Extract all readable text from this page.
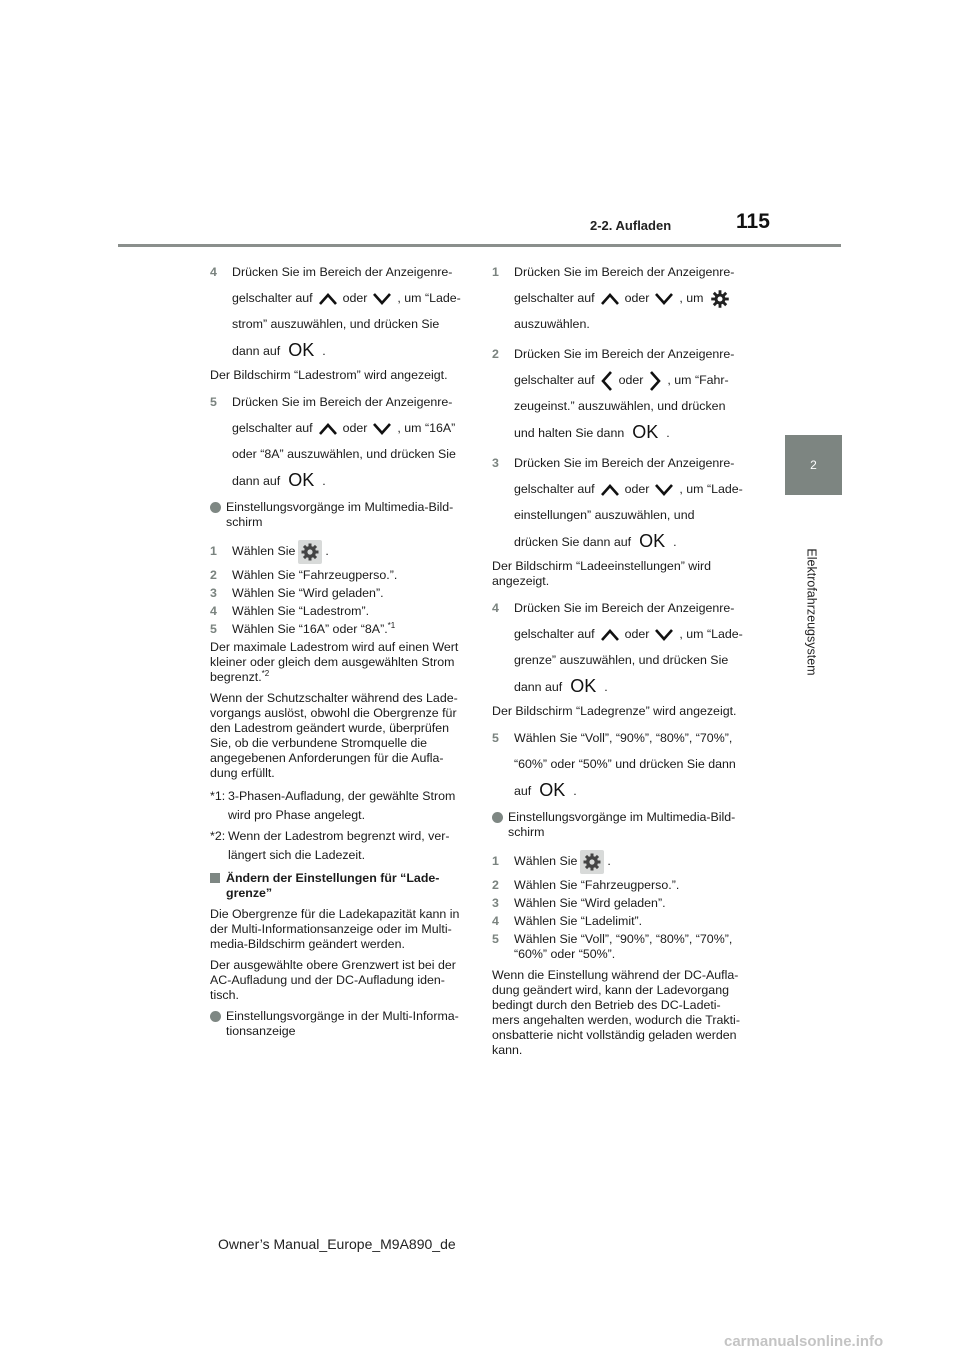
2-2. Aufladen	115
2
Elektrofahrzeugsystem
4 Drücken Sie im Bereich der Anzeigenre-
gelschalter auf oder , um “Lade-
strom” auszuwählen, und drücken Sie
dann auf OK .

Der Bildschirm “Ladestrom” wird angezeigt.

5 Drücken Sie im Bereich der Anzeigenre-
gelschalter auf oder , um “16A”
oder “8A” auszuwählen, und drücken Sie
dann auf OK .
Einstellungsvorgänge im Multimedia-Bild-schirm
1 Wählen Sie .
2 Wählen Sie “Fahrzeugperso.”.
3 Wählen Sie “Wird geladen”.
4 Wählen Sie “Ladestrom”.
5 Wählen Sie “16A” oder “8A”.$^{*1}$

Der maximale Ladestrom wird auf einen Wert kleiner oder gleich dem ausgewählten Strom begrenzt.$^{*2}$

Wenn der Schutzschalter während des Lade-vorgangs auslöst, obwohl die Obergrenze für den Ladestrom geändert wurde, überprüfen Sie, ob die verbundene Stromquelle die angegebenen Anforderungen für die Aufla-dung erfüllt.

*1: 3-Phasen-Aufladung, der gewählte Strom
wird pro Phase angelegt.
*2: Wenn der Ladestrom begrenzt wird, ver-
längert sich die Ladezeit.
Ändern der Einstellungen für “Lade-grenze”

Die Obergrenze für die Ladekapazität kann in der Multi-Informationsanzeige oder im Multi-media-Bildschirm geändert werden.

Der ausgewählte obere Grenzwert ist bei der AC-Aufladung und der DC-Aufladung iden-tisch.

Einstellungsvorgänge in der Multi-Informa-tionsanzeige
1 Drücken Sie im Bereich der Anzeigenre-
gelschalter auf oder , um
auszuwählen.
2 Drücken Sie im Bereich der Anzeigenre-
gelschalter auf oder , um “Fahr-
zeugeinst.” auszuwählen, und drücken
und halten Sie dann OK .
3 Drücken Sie im Bereich der Anzeigenre-
gelschalter auf oder , um “Lade-
einstellungen” auszuwählen, und
drücken Sie dann auf OK .

Der Bildschirm “Ladeeinstellungen” wird angezeigt.

4 Drücken Sie im Bereich der Anzeigenre-
gelschalter auf oder , um “Lade-
grenze” auszuwählen, und drücken Sie
dann auf OK .

Der Bildschirm “Ladegrenze” wird angezeigt.

5 Wählen Sie “Voll”, “90%”, “80%”, “70%”,
“60%” oder “50%” und drücken Sie dann
auf OK .
Einstellungsvorgänge im Multimedia-Bild-schirm
1 Wählen Sie .
2 Wählen Sie “Fahrzeugperso.”.
3 Wählen Sie “Wird geladen”.
4 Wählen Sie “Ladelimit”.
5 Wählen Sie “Voll”, “90%”, “80%”, “70%”, “60%” oder “50%”.

Wenn die Einstellung während der DC-Aufla-dung geändert wird, kann der Ladevorgang bedingt durch den Betrieb des DC-Ladeti-mers angehalten werden, wodurch die Trakti-onsbatterie nicht vollständig geladen werden kann.

Owner’s Manual_Europe_M9A890_de
carmanualsonline.info
